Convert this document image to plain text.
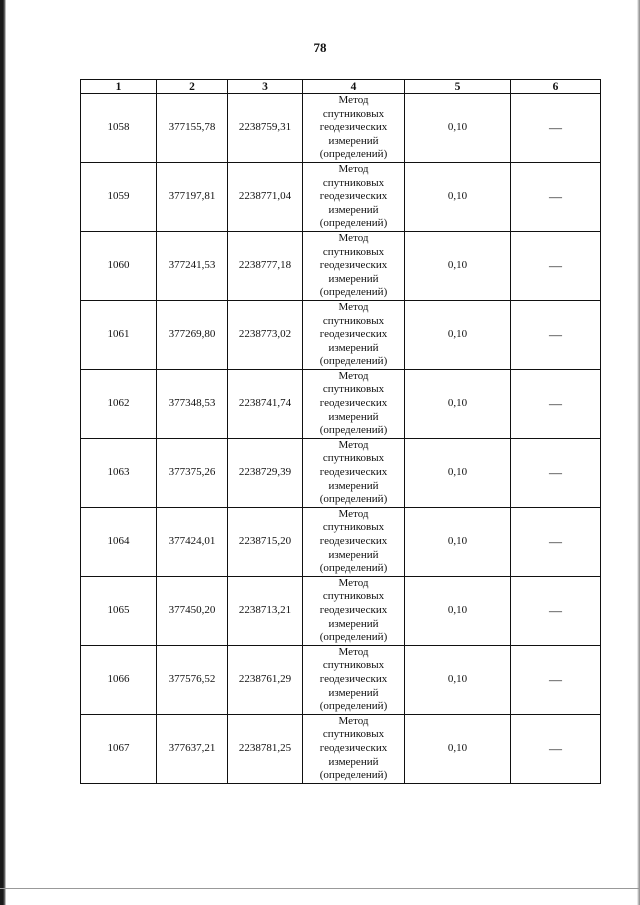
78
1	2	3	4	5	6
1058	377155,78	2238759,31	Метод
спутниковых
геодезических
измерений
(определений)	0,10	—
1059	377197,81	2238771,04	Метод
спутниковых
геодезических
измерений
(определений)	0,10	—
1060	377241,53	2238777,18	Метод
спутниковых
геодезических
измерений
(определений)	0,10	—
1061	377269,80	2238773,02	Метод
спутниковых
геодезических
измерений
(определений)	0,10	—
1062	377348,53	2238741,74	Метод
спутниковых
геодезических
измерений
(определений)	0,10	—
1063	377375,26	2238729,39	Метод
спутниковых
геодезических
измерений
(определений)	0,10	—
1064	377424,01	2238715,20	Метод
спутниковых
геодезических
измерений
(определений)	0,10	—
1065	377450,20	2238713,21	Метод
спутниковых
геодезических
измерений
(определений)	0,10	—
1066	377576,52	2238761,29	Метод
спутниковых
геодезических
измерений
(определений)	0,10	—
1067	377637,21	2238781,25	Метод
спутниковых
геодезических
измерений
(определений)	0,10	—
